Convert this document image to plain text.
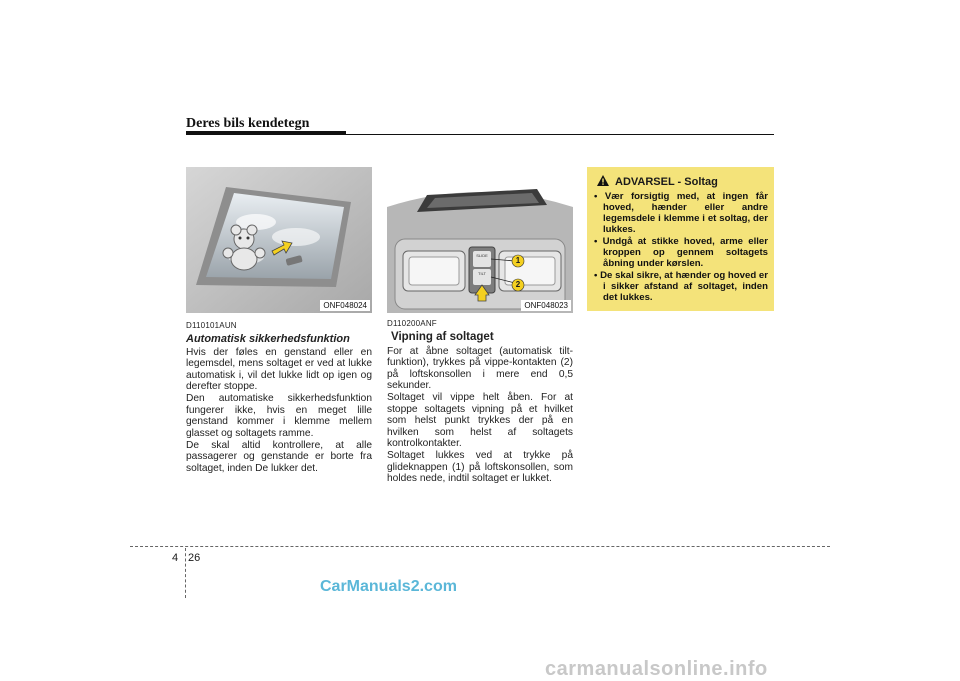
Deres bils kendetegn
ONF048024
SLIDE
TILT
1
2
ONF048023
D110101AUN
Automatisk sikkerhedsfunktion

Hvis der føles en genstand eller en legemsdel, mens soltaget er ved at lukke automatisk i, vil det lukke lidt op igen og derefter stoppe.

Den automatiske sikkerhedsfunktion fungerer ikke, hvis en meget lille genstand kommer i klemme mellem glasset og soltagets ramme.

De skal altid kontrollere, at alle passagerer og genstande er borte fra soltaget, inden De lukker det.

D110200ANF
Vipning af soltaget

For at åbne soltaget (automatisk tilt-funktion), trykkes på vippe-kontakten (2) på loftskonsollen i mere end 0,5 sekunder.

Soltaget vil vippe helt åben. For at stoppe soltagets vipning på et hvilket som helst punkt trykkes der på en hvilken som helst af soltagets kontrolkontakter.

Soltaget lukkes ved at trykke på glideknappen (1) på loftskonsollen, som holdes nede, indtil soltaget er lukket.

ADVARSEL - Soltag
• Vær forsigtig med, at ingen får hoved, hænder eller andre legemsdele i klemme i et soltag, der lukkes.
• Undgå at stikke hoved, arme eller kroppen op gennem soltagets åbning under kørslen.
• De skal sikre, at hænder og hoved er i sikker afstand af soltaget, inden det lukkes.
4 26
CarManuals2.com
carmanualsonline.info
